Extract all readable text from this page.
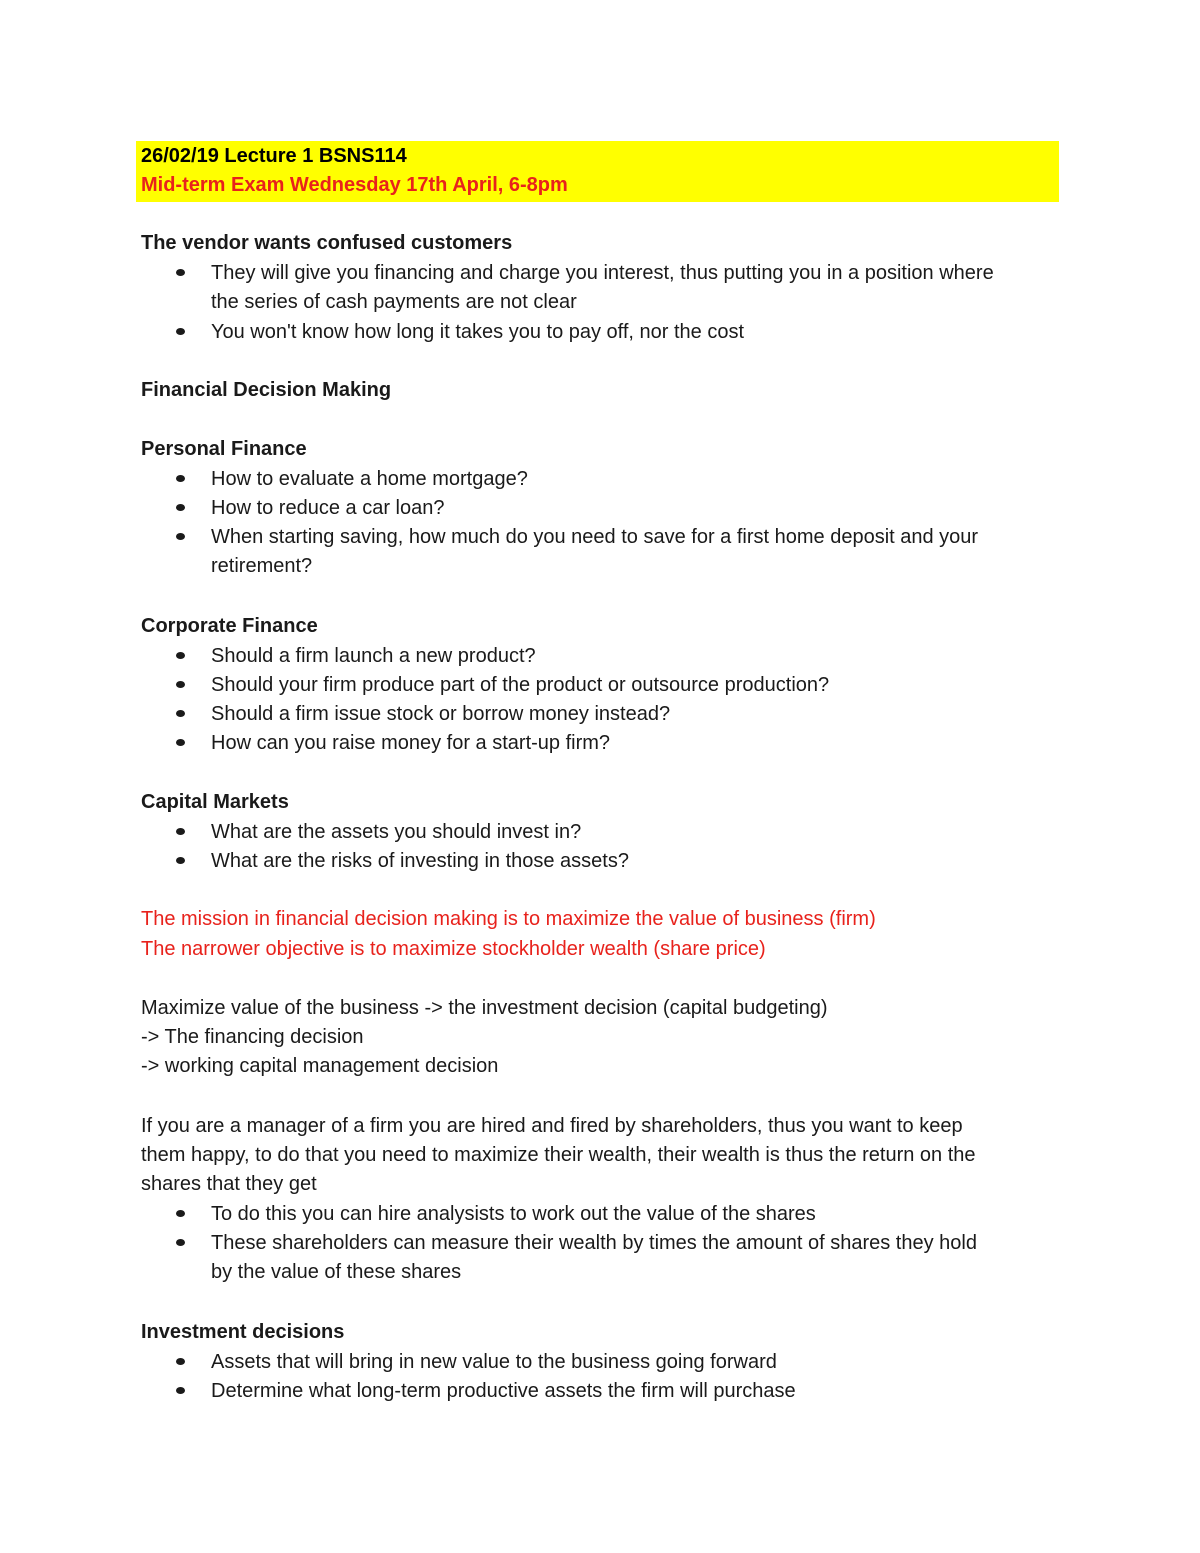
26/02/19 Lecture 1 BSNS114
Mid-term Exam Wednesday 17th April, 6-8pm
The vendor wants confused customers
They will give you financing and charge you interest, thus putting you in a position where
the series of cash payments are not clear
You won't know how long it takes you to pay off, nor the cost
Financial Decision Making
Personal Finance
How to evaluate a home mortgage?
How to reduce a car loan?
When starting saving, how much do you need to save for a first home deposit and your
retirement?
Corporate Finance
Should a firm launch a new product?
Should your firm produce part of the product or outsource production?
Should a firm issue stock or borrow money instead?
How can you raise money for a start-up firm?
Capital Markets
What are the assets you should invest in?
What are the risks of investing in those assets?
The mission in financial decision making is to maximize the value of business (firm)
The narrower objective is to maximize stockholder wealth (share price)
Maximize value of the business -> the investment decision (capital budgeting)
-> The financing decision
-> working capital management decision
If you are a manager of a firm you are hired and fired by shareholders, thus you want to keep
them happy, to do that you need to maximize their wealth, their wealth is thus the return on the
shares that they get
To do this you can hire analysists to work out the value of the shares
These shareholders can measure their wealth by times the amount of shares they hold
by the value of these shares
Investment decisions
Assets that will bring in new value to the business going forward
Determine what long-term productive assets the firm will purchase
